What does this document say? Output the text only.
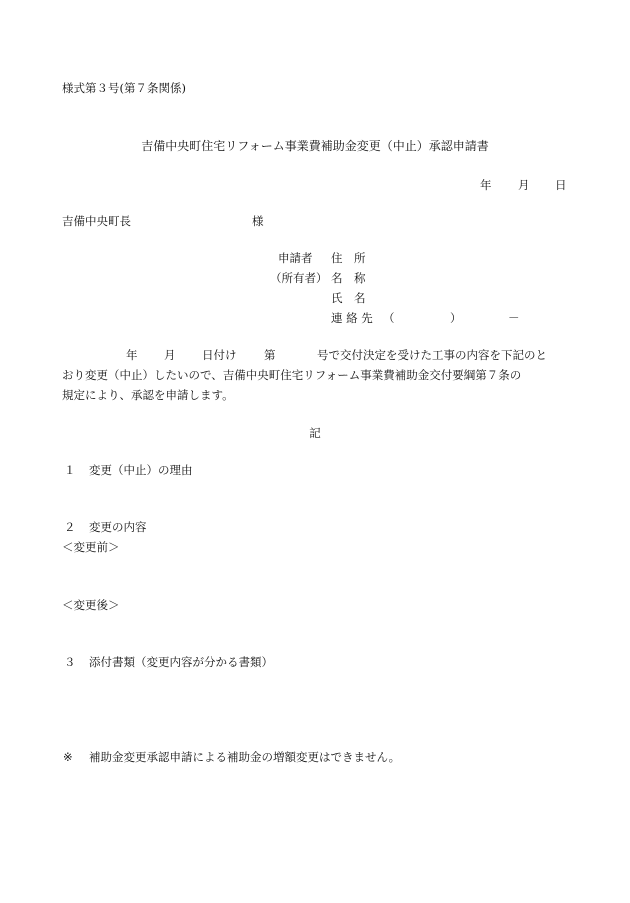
様式第３号(第７条関係)
吉備中央町住宅リフォーム事業費補助金変更（中止）承認申請書
年 月 日
吉備中央町長	様
申請者 住　所
（所有者） 名　称
氏　名
連 絡 先 （	）	－
年 月 日付け 第	号で交付決定を受けた工事の内容を下記のと
おり変更（中止）したいので、吉備中央町住宅リフォーム事業費補助金交付要綱第７条の
規定により、承認を申請します。
記
１ 変更（中止）の理由
２ 変更の内容
＜変更前＞
＜変更後＞
３ 添付書類（変更内容が分かる書類）
※ 補助金変更承認申請による補助金の増額変更はできません。
